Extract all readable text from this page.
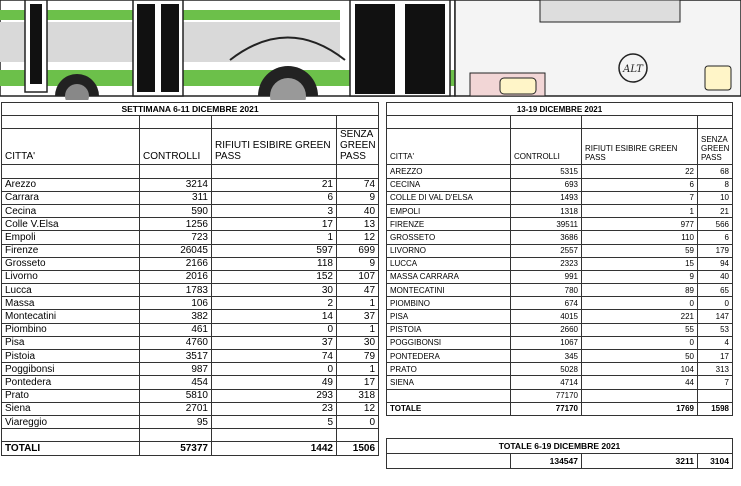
ALT
SETTIMANA 6-11 DICEMBRE 2021			

CITTA'	CONTROLLI	RIFIUTI ESIBIRE GREEN PASS	SENZA GREEN PASS

Arezzo	3214	21	74
Carrara	311	6	9
Cecina	590	3	40
Colle V.Elsa	1256	17	13
Empoli	723	1	12
Firenze	26045	597	699
Grosseto	2166	118	9
Livorno	2016	152	107
Lucca	1783	30	47
Massa	106	2	1
Montecatini	382	14	37
Piombino	461	0	1
Pisa	4760	37	30
Pistoia	3517	74	79
Poggibonsi	987	0	1
Pontedera	454	49	17
Prato	5810	293	318
Siena	2701	23	12
Viareggio	95	5	0

TOTALI	57377	1442	1506
13-19 DICEMBRE 2021			

CITTA'	CONTROLLI	RIFIUTI ESIBIRE GREEN PASS	SENZA GREEN PASS
AREZZO	5315	22	68
CECINA	693	6	8
COLLE DI VAL D'ELSA	1493	7	10
EMPOLI	1318	1	21
FIRENZE	39511	977	566
GROSSETO	3686	110	6
LIVORNO	2557	59	179
LUCCA	2323	15	94
MASSA CARRARA	991	9	40
MONTECATINI	780	89	65
PIOMBINO	674	0	0
PISA	4015	221	147
PISTOIA	2660	55	53
POGGIBONSI	1067	0	4
PONTEDERA	345	50	17
PRATO	5028	104	313
SIENA	4714	44	7
	77170		
TOTALE	77170	1769	1598
TOTALE 6-19 DICEMBRE 2021
	134547	3211	3104
